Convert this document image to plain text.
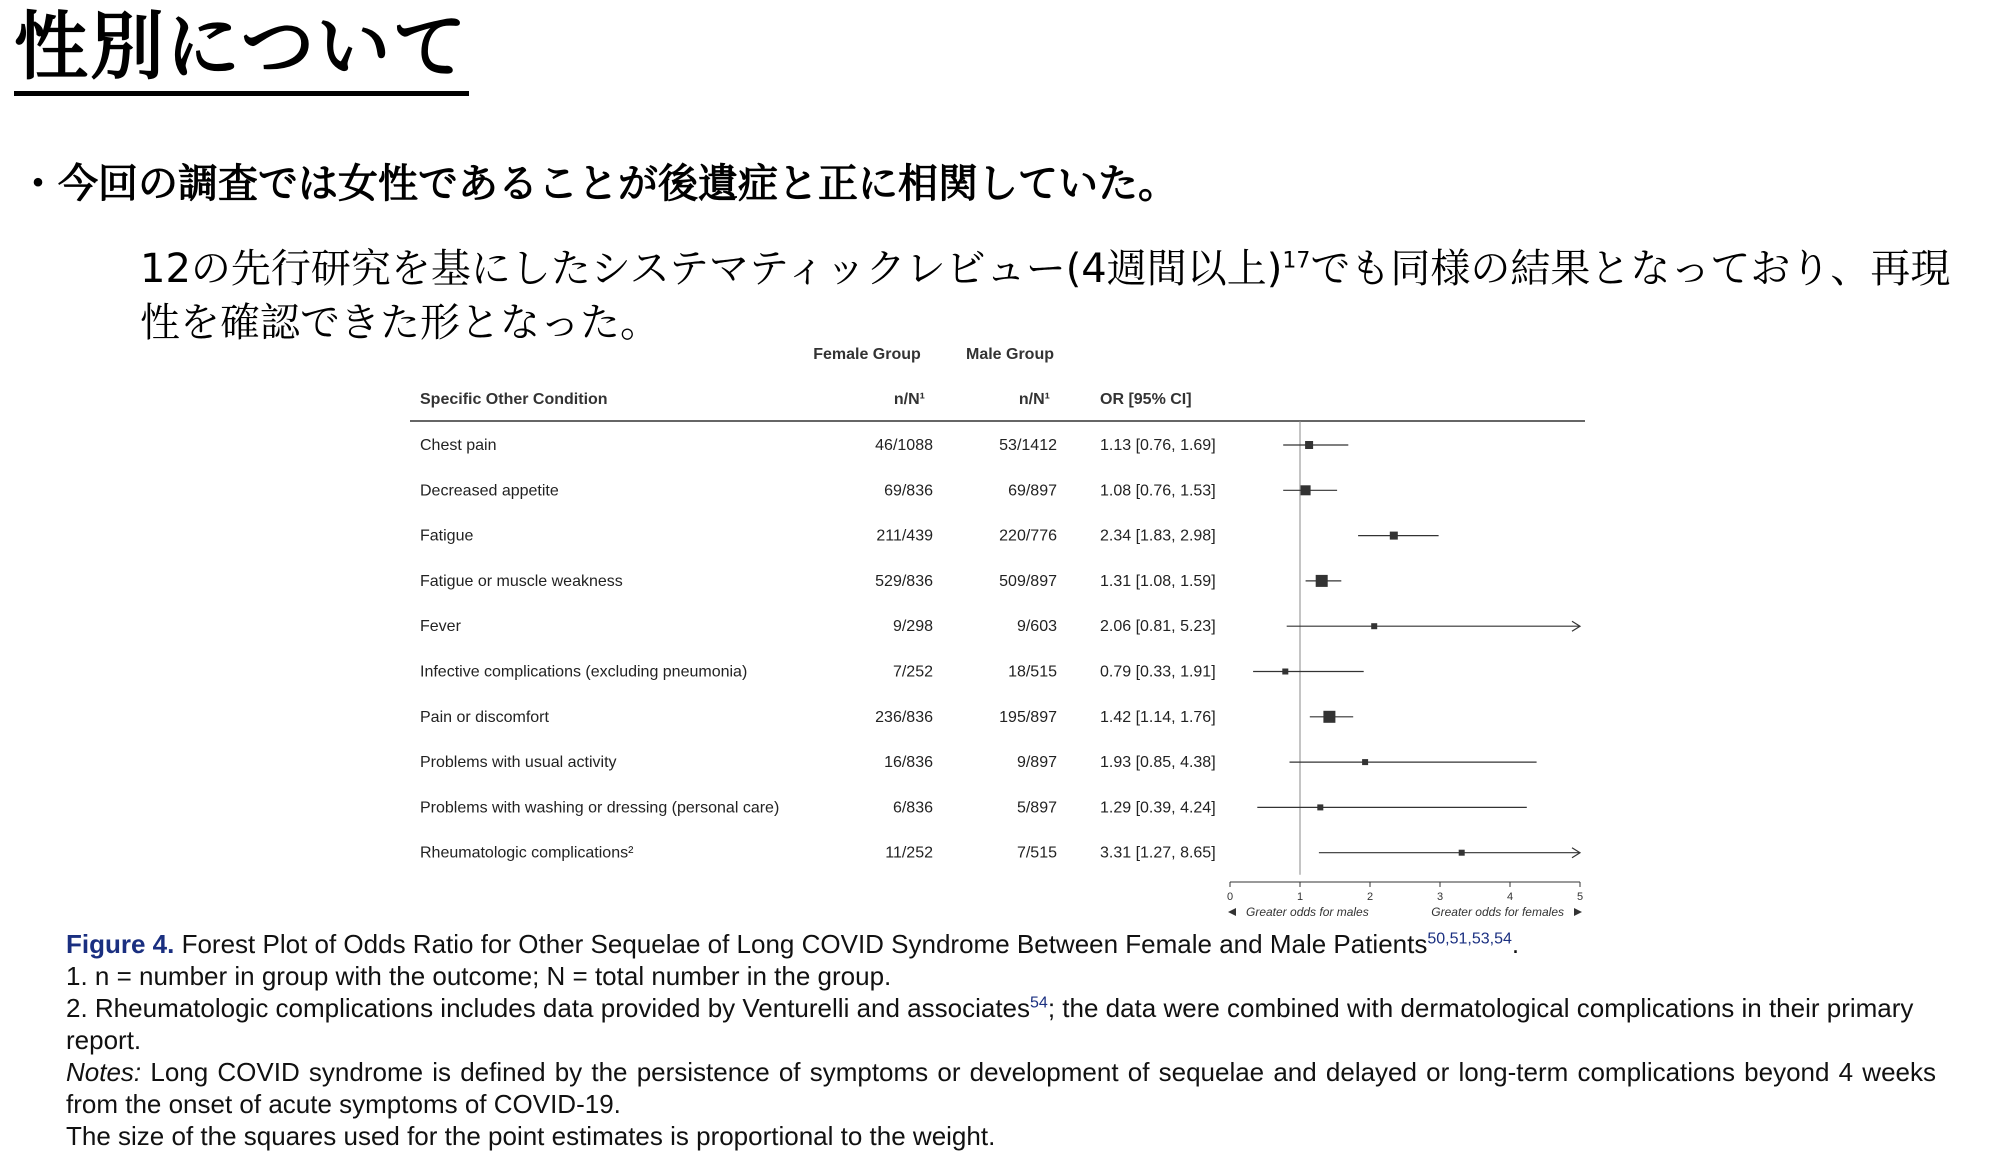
性別について
・今回の調査では女性であることが後遺症と正に相関していた。
12の先行研究を基にしたシステマティックレビュー(4週間以上)$^{17}$でも同様の結果となっており、再現性を確認できた形となった。
Female Group	Male Group
Specific Other Condition	n/N¹	n/N¹	OR [95% CI]
Chest pain	46/1088	53/1412	1.13 [0.76, 1.69]
Decreased appetite	69/836	69/897	1.08 [0.76, 1.53]
Fatigue	211/439	220/776	2.34 [1.83, 2.98]
Fatigue or muscle weakness	529/836	509/897	1.31 [1.08, 1.59]
Fever	9/298	9/603	2.06 [0.81, 5.23]
Infective complications (excluding pneumonia)	7/252	18/515	0.79 [0.33, 1.91]
Pain or discomfort	236/836	195/897	1.42 [1.14, 1.76]
Problems with usual activity	16/836	9/897	1.93 [0.85, 4.38]
Problems with washing or dressing (personal care)	6/836	5/897	1.29 [0.39, 4.24]
Rheumatologic complications²	11/252	7/515	3.31 [1.27, 8.65]
0	1	2	3	4	5
Greater odds for males	Greater odds for females

Figure 4. Forest Plot of Odds Ratio for Other Sequelae of Long COVID Syndrome Between Female and Male Patients$^{50,51,53,54}$.

1. n = number in group with the outcome; N = total number in the group.

2. Rheumatologic complications includes data provided by Venturelli and associates$^{54}$; the data were combined with dermatological complications in their primary report.

Notes: Long COVID syndrome is defined by the persistence of symptoms or development of sequelae and delayed or long-term complications beyond 4 weeks from the onset of acute symptoms of COVID-19.

The size of the squares used for the point estimates is proportional to the weight.
